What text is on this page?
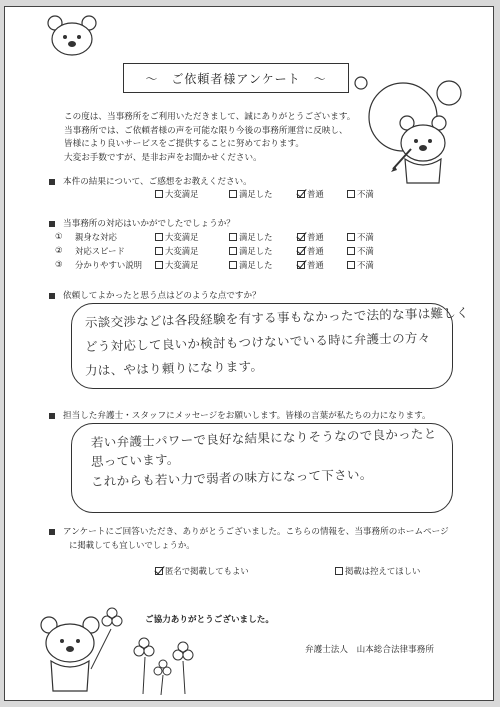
～　ご依頼者様アンケート　～
この度は、当事務所をご利用いただきまして、誠にありがとうございます。
当事務所では、ご依頼者様の声を可能な限り今後の事務所運営に反映し、
皆様により良いサービスをご提供することに努めております。
大変お手数ですが、是非お声をお聞かせください。
本件の結果について、ご感想をお教えください。
大変満足	満足した	普通	不満
当事務所の対応はいかがでしたでしょうか？
① 親身な対応	大変満足	満足した	普通	不満
② 対応スピード	大変満足	満足した	普通	不満
③ 分かりやすい説明	大変満足	満足した	普通	不満
依頼してよかったと思う点はどのような点ですか？
示談交渉などは各段経験を有する事もなかったで法的な事は難しく
どう対応して良いか検討もつけないでいる時に弁護士の方々
力は、やはり頼りになります。
担当した弁護士・スタッフにメッセージをお願いします。皆様の言葉が私たちの力になります。
若い弁護士パワーで良好な結果になりそうなので良かったと
思っています。
これからも若い力で弱者の味方になって下さい。
アンケートにご回答いただき、ありがとうございました。こちらの情報を、当事務所のホームページ
に掲載しても宜しいでしょうか。
匿名で掲載してもよい	掲載は控えてほしい
ご協力ありがとうございました。
弁護士法人　山本総合法律事務所
